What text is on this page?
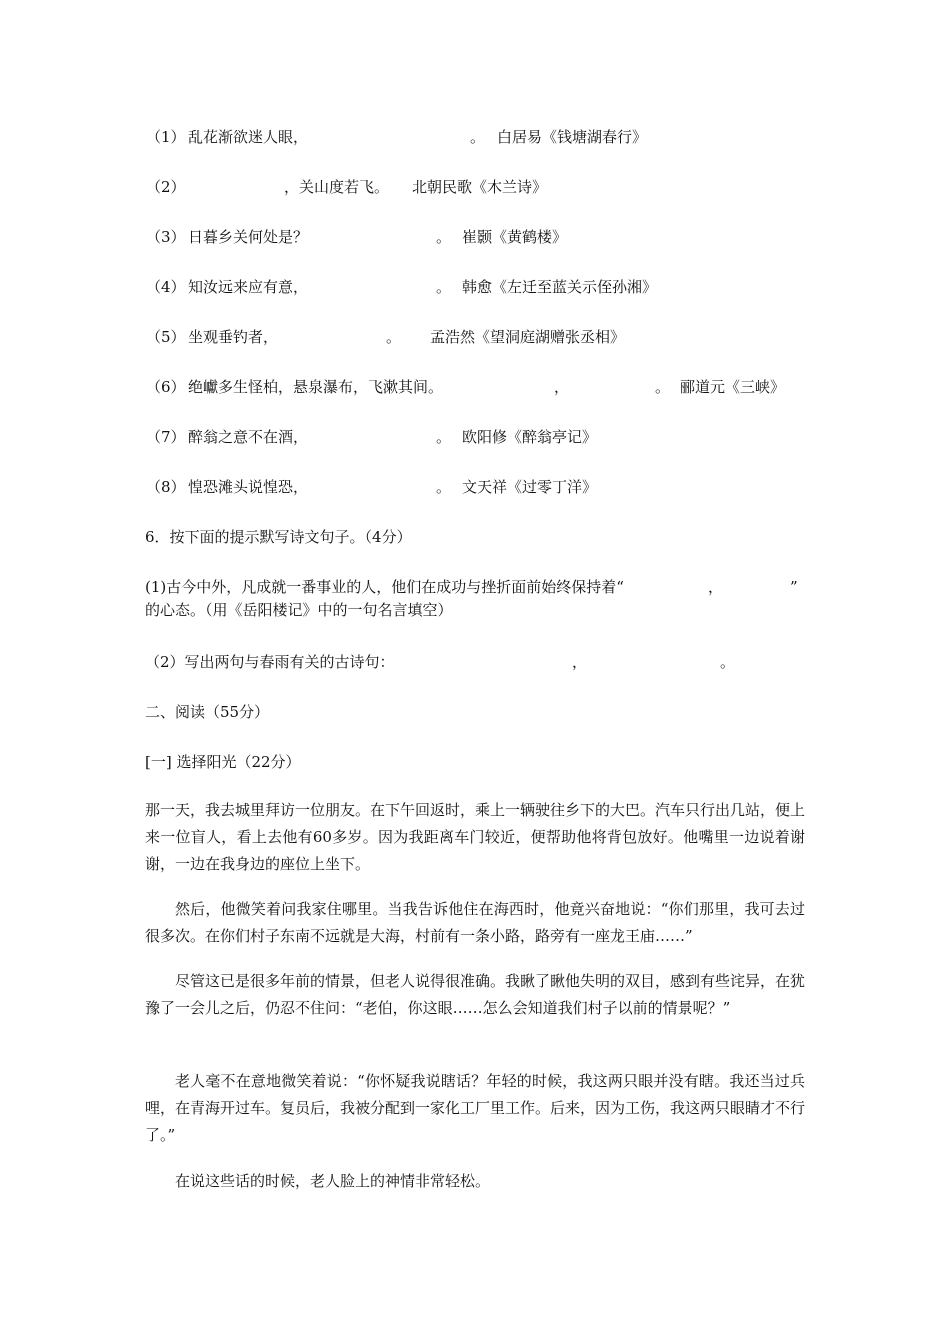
（1） 乱花渐欲迷人眼，	。 白居易《钱塘湖春行》
（2）	，关山度若飞。 北朝民歌《木兰诗》
（3） 日暮乡关何处是？	。 崔颢《黄鹤楼》
（4） 知汝远来应有意，	。 韩愈《左迁至蓝关示侄孙湘》
（5） 坐观垂钓者，	。 孟浩然《望洞庭湖赠张丞相》
（6） 绝巘多生怪柏，悬泉瀑布，飞漱其间。	，	。 郦道元《三峡》
（7） 醉翁之意不在酒，	。 欧阳修《醉翁亭记》
（8） 惶恐滩头说惶恐，	。 文天祥《过零丁洋》
6．按下面的提示默写诗文句子。（4分）
(1)古今中外，凡成就一番事业的人，他们在成功与挫折面前始终保持着“	，	”
的心态。（用《岳阳楼记》中的一句名言填空）
（2）写出两句与春雨有关的古诗句：	，	。
二、阅读（55分）
[一] 选择阳光（22分）
那一天，我去城里拜访一位朋友。在下午回返时，乘上一辆驶往乡下的大巴。汽车只行出几站，便上来一位盲人，看上去他有60多岁。因为我距离车门较近，便帮助他将背包放好。他嘴里一边说着谢谢，一边在我身边的座位上坐下。
然后，他微笑着问我家住哪里。当我告诉他住在海西时，他竟兴奋地说：“你们那里，我可去过很多次。在你们村子东南不远就是大海，村前有一条小路，路旁有一座龙王庙……”
尽管这已是很多年前的情景，但老人说得很准确。我瞅了瞅他失明的双目，感到有些诧异，在犹豫了一会儿之后，仍忍不住问：“老伯，你这眼……怎么会知道我们村子以前的情景呢？”
老人毫不在意地微笑着说：“你怀疑我说瞎话？年轻的时候，我这两只眼并没有瞎。我还当过兵哩，在青海开过车。复员后，我被分配到一家化工厂里工作。后来，因为工伤，我这两只眼睛才不行了。”
在说这些话的时候，老人脸上的神情非常轻松。
